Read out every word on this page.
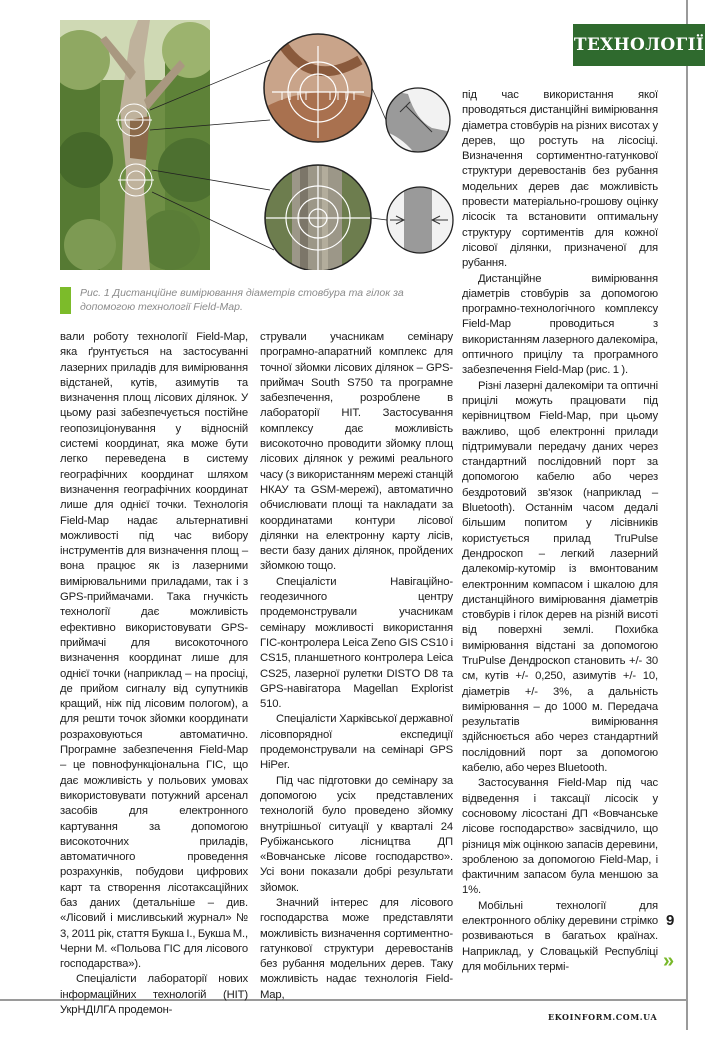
ТЕХНОЛОГІЇ
Рис. 1 Дистанційне вимірювання діаметрів стовбура та гілок за допомогою технології Field-Map.

вали роботу технології Field-Map, яка ґрунтується на застосуванні лазерних приладів для вимірювання відстаней, кутів, азимутів та визначення площ лісових ділянок. У цьому разі забезпечується постійне геопозиціонування у відносній системі координат, яка може бути легко переведена в систему географічних координат шляхом визначення географічних координат лише для однієї точки. Технологія Field-Map надає альтернативні можливості під час вибору інструментів для визначення площ – вона працює як із лазерними вимірювальними приладами, так і з GPS-приймачами. Така гнучкість технології дає можливість ефективно використовувати GPS-приймачі для високоточного визначення координат лише для однієї точки (наприклад – на просіці, де прийом сигналу від супутників кращий, ніж під лісовим пологом), а для решти точок зйомки координати розраховуються автоматично. Програмне забезпечення Field-Map – це повнофункціональна ГІС, що дає можливість у польових умовах використовувати потужний арсенал засобів для електронного картування за допомогою високоточних приладів, автоматичного проведення розрахунків, побудови цифрових карт та створення лісотаксаційних баз даних (детальніше – див. «Лісовий і мисливський журнал» № 3, 2011 рік, стаття Букша І., Букша М., Черни М. «Польова ГІС для лісового господарства»).

Спеціалісти лабораторії нових інформаційних технологій (НІТ) УкрНДІЛГА продемон-

стрували учасникам семінару програмно-апаратний комплекс для точної зйомки лісових ділянок – GPS-приймач South S750 та програмне забезпечення, розроблене в лабораторії НІТ. Застосування комплексу дає можливість високоточно проводити зйомку площ лісових ділянок у режимі реального часу (з використанням мережі станцій НКАУ та GSM-мережі), автоматично обчислювати площі та накладати за координатами контури лісової ділянки на електронну карту лісів, вести базу даних ділянок, пройдених зйомкою тощо.

Спеціалісти Навігаційно-геодезичного центру продемонстрували учасникам семінару можливості використання ГІС-контролера Leica Zeno GIS CS10 і CS15, планшетного контролера Leica CS25, лазерної рулетки DISTO D8 та GPS-навігатора Magellan Explorist 510.

Спеціалісти Харківської державної лісовпорядної експедиції продемонстрували на семінарі GPS HiPer.

Під час підготовки до семінару за допомогою усіх представлених технологій було проведено зйомку внутрішньої ситуації у кварталі 24 Рубіжанського лісництва ДП «Вовчанське лісове господарство». Усі вони показали добрі результати зйомок.

Значний інтерес для лісового господарства може представляти можливість визначення сортиментно-гатункової структури деревостанів без рубання модельних дерев. Таку можливість надає технологія Field-Map,

під час використання якої проводяться дистанційні вимірювання діаметра стовбурів на різних висотах у дерев, що ростуть на лісосіці. Визначення сортиментно-гатункової структури деревостанів без рубання модельних дерев дає можливість провести матеріально-грошову оцінку лісосік та встановити оптимальну структуру сортиментів для кожної лісової ділянки, призначеної для рубання.

Дистанційне вимірювання діаметрів стовбурів за допомогою програмно-технологічного комплексу Field-Map проводиться з використанням лазерного далекоміра, оптичного прицілу та програмного забезпечення Field-Map (рис. 1 ).

Різні лазерні далекоміри та оптичні прицілі можуть працювати під керівництвом Field-Map, при цьому важливо, щоб електронні прилади підтримували передачу даних через стандартний послідовний порт за допомогою кабелю або через бездротовий зв'язок (наприклад – Bluetooth). Останнім часом дедалі більшим попитом у лісівників користується прилад TruPulse Дендроскоп – легкий лазерний далекомір-кутомір із вмонтованим електронним компасом і шкалою для дистанційного вимірювання діаметрів стовбурів і гілок дерев на різній висоті від поверхні землі. Похибка вимірювання відстані за допомогою TruPulse Дендроскоп становить +/- 30 см, кутів +/- 0,250, азимутів +/- 10, діаметрів +/- 3%, а дальність вимірювання – до 1000 м. Передача результатів вимірювання здійснюється або через стандартний послідовний порт за допомогою кабелю, або через Bluetooth.

Застосування Field-Map під час відведення і таксації лісосік у сосновому лісостані ДП «Вовчанське лісове господарство» засвідчило, що різниця між оцінкою запасів деревини, зробленою за допомогою Field-Map, і фактичним запасом була меншою за 1%.

Мобільні технології для електронного обліку деревини стрімко розвиваються в багатьох країнах. Наприклад, у Словацькій Республіці для мобільних термі-

9
»
EKOINFORM.COM.UA
